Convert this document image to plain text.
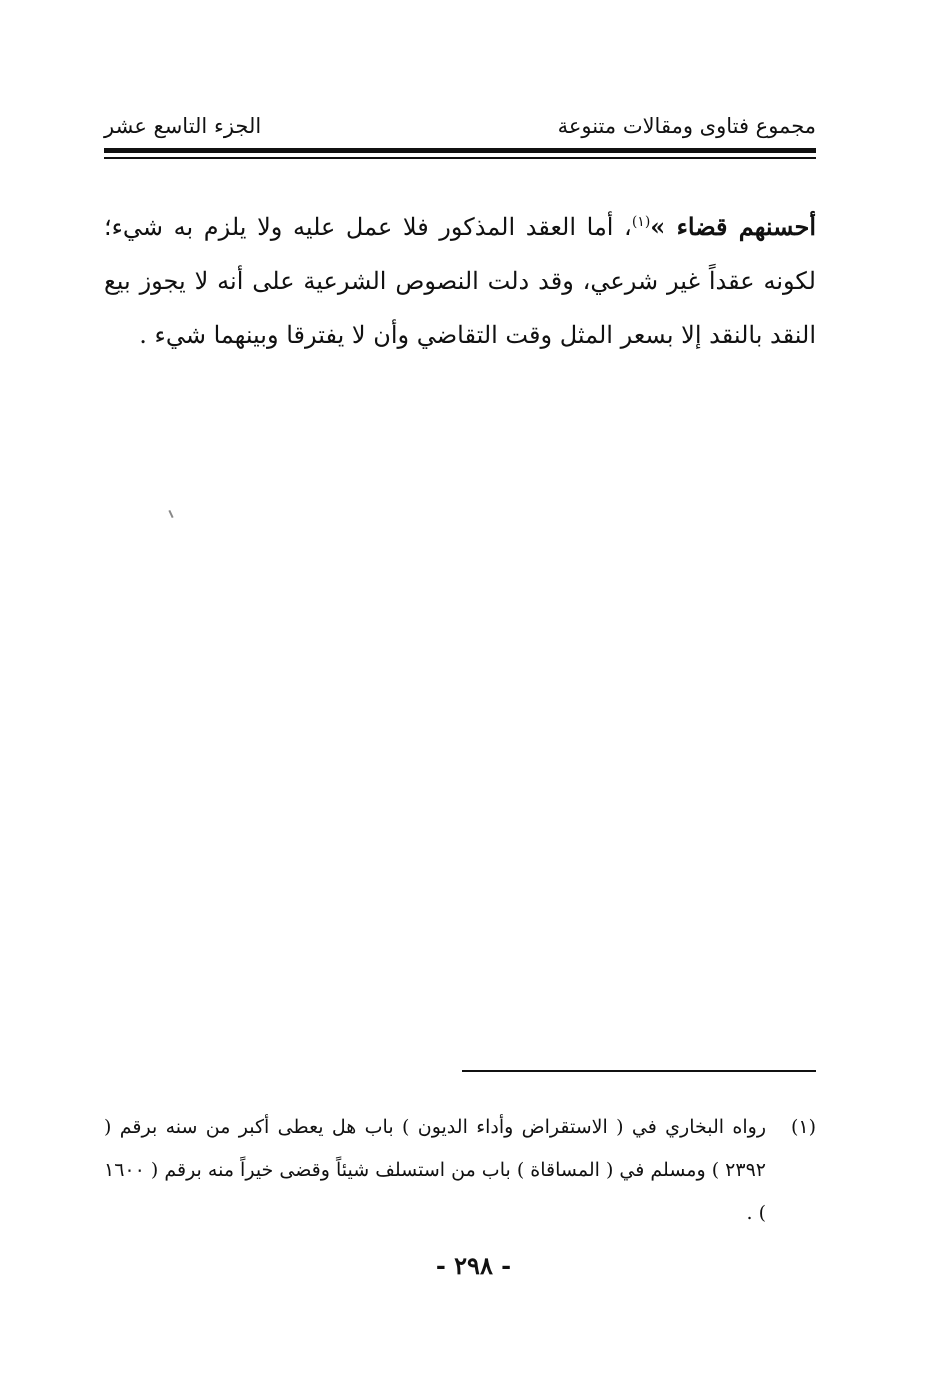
مجموع فتاوى ومقالات متنوعة
الجزء التاسع عشر
أحسنهم قضاء »$^{(١)}$، أما العقد المذكور فلا عمل عليه ولا يلزم به شيء؛ لكونه عقداً غير شرعي، وقد دلت النصوص الشرعية على أنه لا يجوز بيع النقد بالنقد إلا بسعر المثل وقت التقاضي وأن لا يفترقا وبينهما شيء .
(١)
رواه البخاري في ( الاستقراض وأداء الديون ) باب هل يعطى أكبر من سنه برقم ( ٢٣٩٢ ) ومسلم في ( المساقاة ) باب من استسلف شيئاً وقضى خيراً منه برقم ( ١٦٠٠ ) .
- ٢٩٨ -
